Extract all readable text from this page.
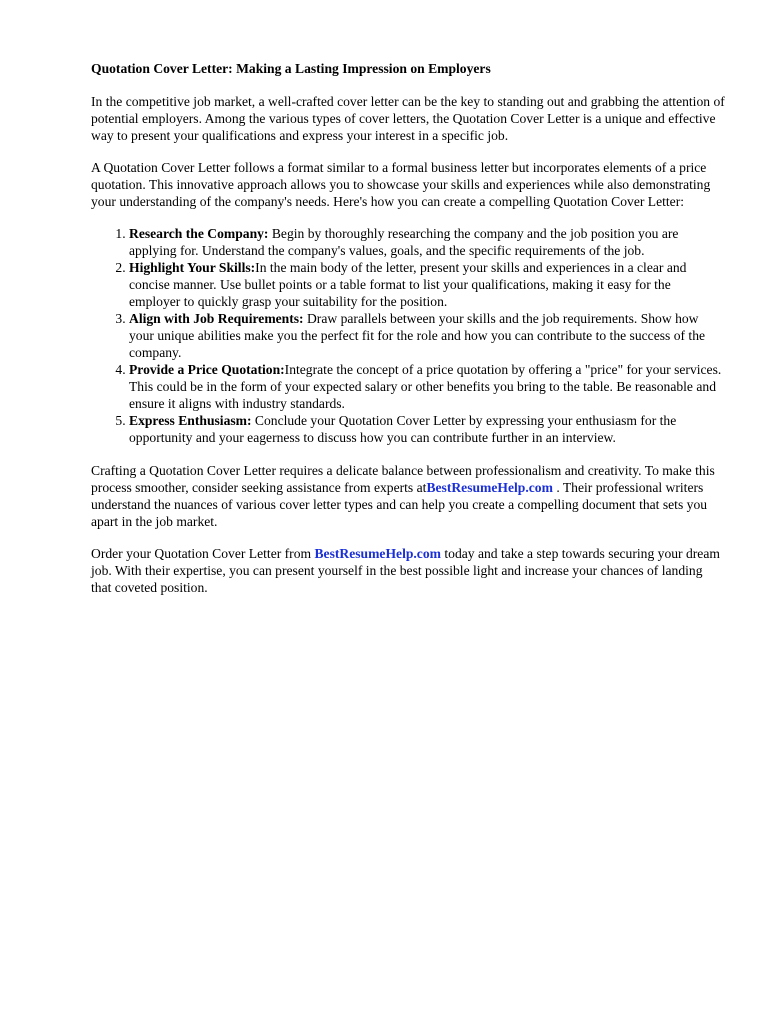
Quotation Cover Letter: Making a Lasting Impression on Employers

In the competitive job market, a well-crafted cover letter can be the key to standing out and grabbing the attention of potential employers. Among the various types of cover letters, the Quotation Cover Letter is a unique and effective way to present your qualifications and express your interest in a specific job.

A Quotation Cover Letter follows a format similar to a formal business letter but incorporates elements of a price quotation. This innovative approach allows you to showcase your skills and experiences while also demonstrating your understanding of the company's needs. Here's how you can create a compelling Quotation Cover Letter:

1. Research the Company: Begin by thoroughly researching the company and the job position you are applying for. Understand the company's values, goals, and the specific requirements of the job.
2. Highlight Your Skills:In the main body of the letter, present your skills and experiences in a clear and concise manner. Use bullet points or a table format to list your qualifications, making it easy for the employer to quickly grasp your suitability for the position.
3. Align with Job Requirements: Draw parallels between your skills and the job requirements. Show how your unique abilities make you the perfect fit for the role and how you can contribute to the success of the company.
4. Provide a Price Quotation:Integrate the concept of a price quotation by offering a "price" for your services. This could be in the form of your expected salary or other benefits you bring to the table. Be reasonable and ensure it aligns with industry standards.
5. Express Enthusiasm: Conclude your Quotation Cover Letter by expressing your enthusiasm for the opportunity and your eagerness to discuss how you can contribute further in an interview.

Crafting a Quotation Cover Letter requires a delicate balance between professionalism and creativity. To make this process smoother, consider seeking assistance from experts atBestResumeHelp.com . Their professional writers understand the nuances of various cover letter types and can help you create a compelling document that sets you apart in the job market.

Order your Quotation Cover Letter from BestResumeHelp.com today and take a step towards securing your dream job. With their expertise, you can present yourself in the best possible light and increase your chances of landing that coveted position.
